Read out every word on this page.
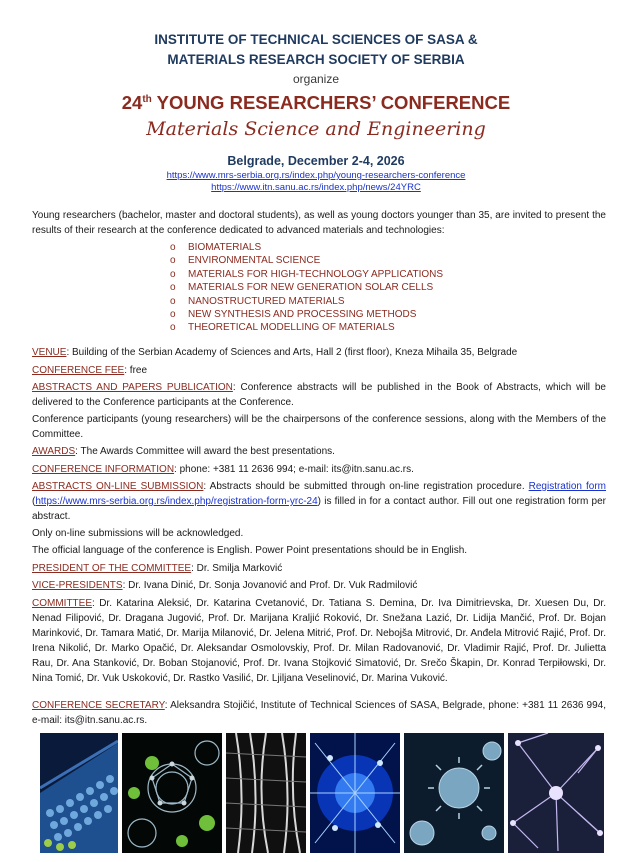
INSTITUTE OF TECHNICAL SCIENCES OF SASA &
MATERIALS RESEARCH SOCIETY OF SERBIA
organize
24th YOUNG RESEARCHERS’ CONFERENCE
Materials Science and Engineering
Belgrade, December 2-4, 2026
https://www.mrs-serbia.org.rs/index.php/young-researchers-conference
https://www.itn.sanu.ac.rs/index.php/news/24YRC
Young researchers (bachelor, master and doctoral students), as well as young doctors younger than 35, are invited to present the results of their research at the conference dedicated to advanced materials and technologies:
o BIOMATERIALS
o ENVIRONMENTAL SCIENCE
o MATERIALS FOR HIGH-TECHNOLOGY APPLICATIONS
o MATERIALS FOR NEW GENERATION SOLAR CELLS
o NANOSTRUCTURED MATERIALS
o NEW SYNTHESIS AND PROCESSING METHODS
o THEORETICAL MODELLING OF MATERIALS
VENUE: Building of the Serbian Academy of Sciences and Arts, Hall 2 (first floor), Kneza Mihaila 35, Belgrade
CONFERENCE FEE: free
ABSTRACTS AND PAPERS PUBLICATION: Conference abstracts will be published in the Book of Abstracts, which will be delivered to the Conference participants at the Conference.
Conference participants (young researchers) will be the chairpersons of the conference sessions, along with the Members of the Committee.
AWARDS: The Awards Committee will award the best presentations.
CONFERENCE INFORMATION: phone: +381 11 2636 994; e-mail: its@itn.sanu.ac.rs.
ABSTRACTS ON-LINE SUBMISSION: Abstracts should be submitted through on-line registration procedure. Registration form (https://www.mrs-serbia.org.rs/index.php/registration-form-yrc-24) is filled in for a contact author. Fill out one registration form per abstract.
Only on-line submissions will be acknowledged.
The official language of the conference is English. Power Point presentations should be in English.
PRESIDENT OF THE COMMITTEE: Dr. Smilja Marković
VICE-PRESIDENTS: Dr. Ivana Dinić, Dr. Sonja Jovanović and Prof. Dr. Vuk Radmilović
COMMITTEE: Dr. Katarina Aleksić, Dr. Katarina Cvetanović, Dr. Tatiana S. Demina, Dr. Iva Dimitrievska, Dr. Xuesen Du, Dr. Nenad Filipović, Dr. Dragana Jugović, Prof. Dr. Marijana Kraljić Roković, Dr. Snežana Lazić, Dr. Lidija Mančić, Prof. Dr. Bojan Marinković, Dr. Tamara Matić, Dr. Marija Milanović, Dr. Jelena Mitrić, Prof. Dr. Nebojša Mitrović, Dr. Anđela Mitrović Rajić, Prof. Dr. Irena Nikolić, Dr. Marko Opačić, Dr. Aleksandar Osmolovskiy, Prof. Dr. Milan Radovanović, Dr. Vladimir Rajić, Prof. Dr. Julietta Rau, Dr. Ana Stanković, Dr. Boban Stojanović, Prof. Dr. Ivana Stojković Simatović, Dr. Srečo Škapin, Dr. Konrad Terpiłowski, Dr. Nina Tomić, Dr. Vuk Uskoković, Dr. Rastko Vasilić, Dr. Ljiljana Veselinović, Dr. Marina Vuković.
CONFERENCE SECRETARY: Aleksandra Stojičić, Institute of Technical Sciences of SASA, Belgrade, phone: +381 11 2636 994, e-mail: its@itn.sanu.ac.rs.
